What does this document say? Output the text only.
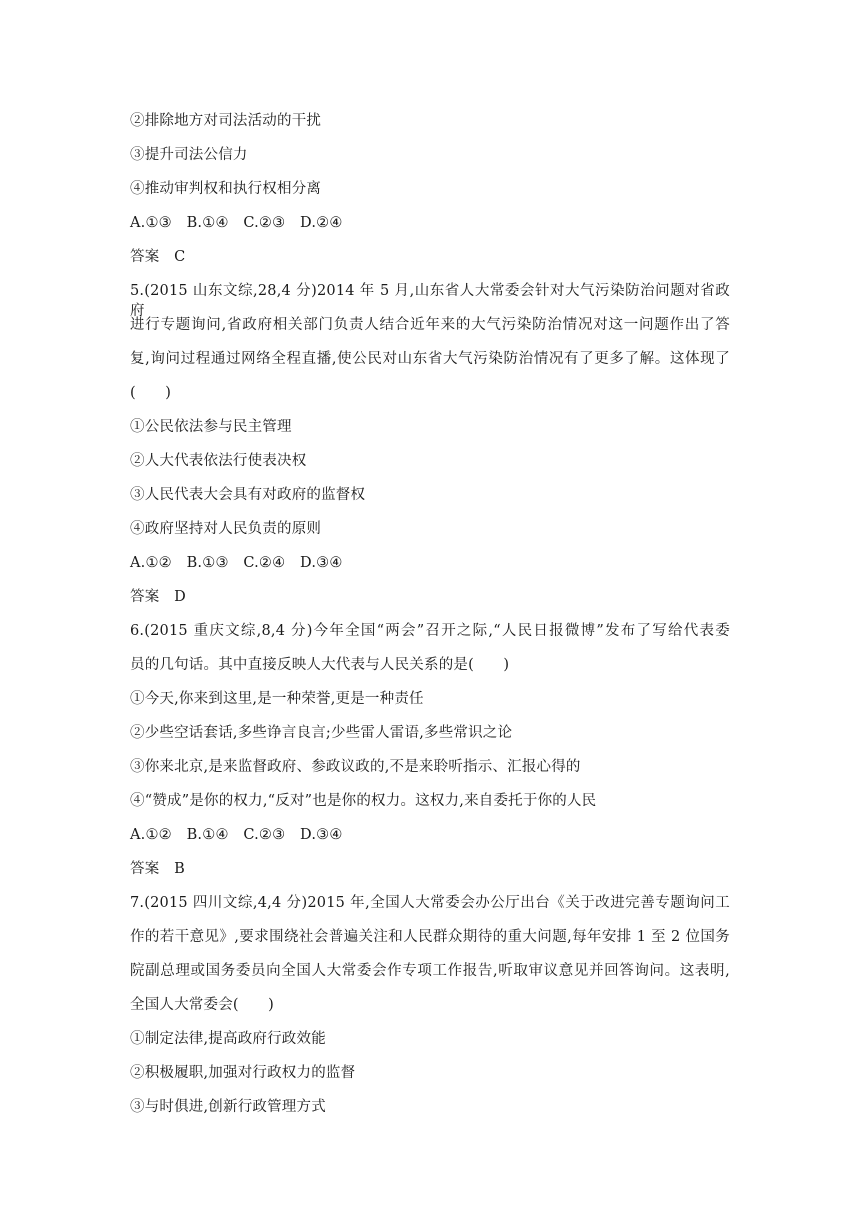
②排除地方对司法活动的干扰
③提升司法公信力
④推动审判权和执行权相分离
A.①③　B.①④　C.②③　D.②④
答案　C
5.(2015 山东文综,28,4 分)2014 年 5 月,山东省人大常委会针对大气污染防治问题对省政府
进行专题询问,省政府相关部门负责人结合近年来的大气污染防治情况对这一问题作出了答
复,询问过程通过网络全程直播,使公民对山东省大气污染防治情况有了更多了解。这体现了
(　　)
①公民依法参与民主管理
②人大代表依法行使表决权
③人民代表大会具有对政府的监督权
④政府坚持对人民负责的原则
A.①②　B.①③　C.②④　D.③④
答案　D
6.(2015 重庆文综,8,4 分)今年全国“两会”召开之际,“人民日报微博”发布了写给代表委
员的几句话。其中直接反映人大代表与人民关系的是(　　)
①今天,你来到这里,是一种荣誉,更是一种责任
②少些空话套话,多些诤言良言;少些雷人雷语,多些常识之论
③你来北京,是来监督政府、参政议政的,不是来聆听指示、汇报心得的
④“赞成”是你的权力,“反对”也是你的权力。这权力,来自委托于你的人民
A.①②　B.①④　C.②③　D.③④
答案　B
7.(2015 四川文综,4,4 分)2015 年,全国人大常委会办公厅出台《关于改进完善专题询问工
作的若干意见》,要求围绕社会普遍关注和人民群众期待的重大问题,每年安排 1 至 2 位国务
院副总理或国务委员向全国人大常委会作专项工作报告,听取审议意见并回答询问。这表明,
全国人大常委会(　　)
①制定法律,提高政府行政效能
②积极履职,加强对行政权力的监督
③与时俱进,创新行政管理方式
